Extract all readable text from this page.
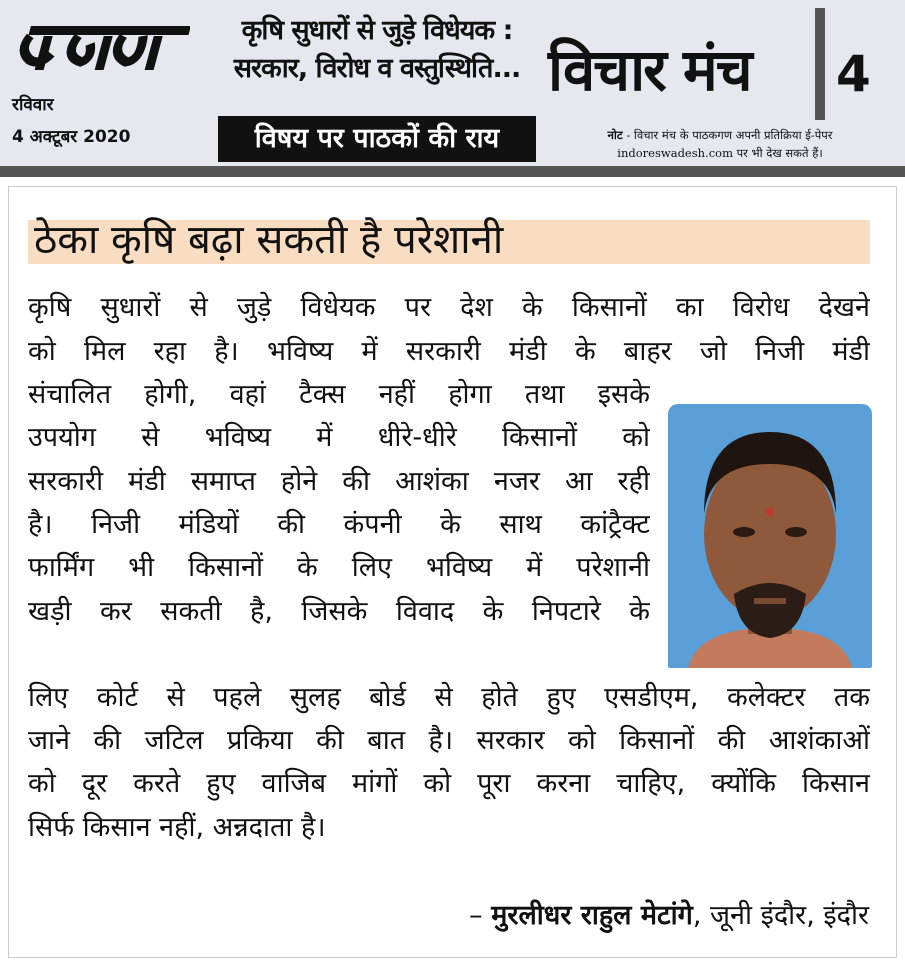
रविवार
4 अक्टूबर 2020
कृषि सुधारों से जुड़े विधेयक :
सरकार, विरोध व वस्तुस्थिति...
विषय पर पाठकों की राय
विचार मंच 4
नोट - विचार मंच के पाठकगण अपनी प्रतिक्रिया ई-पेपर
indoreswadesh.com पर भी देख सकते हैं।
ठेका कृषि बढ़ा सकती है परेशानी
कृषि सुधारों से जुड़े विधेयक पर देश के किसानों का विरोध देखने
को मिल रहा है। भविष्य में सरकारी मंडी के बाहर जो निजी मंडी
संचालित होगी, वहां टैक्स नहीं होगा तथा इसके
उपयोग से भविष्य में धीरे-धीरे किसानों को
सरकारी मंडी समाप्त होने की आशंका नजर आ रही
है। निजी मंडियों की कंपनी के साथ कांट्रैक्ट
फार्मिंग भी किसानों के लिए भविष्य में परेशानी
खड़ी कर सकती है, जिसके विवाद के निपटारे के
लिए कोर्ट से पहले सुलह बोर्ड से होते हुए एसडीएम, कलेक्टर तक
जाने की जटिल प्रकिया की बात है। सरकार को किसानों की आशंकाओं
को दूर करते हुए वाजिब मांगों को पूरा करना चाहिए, क्योंकि किसान
सिर्फ किसान नहीं, अन्नदाता है।
– मुरलीधर राहुल मेटांगे, जूनी इंदौर, इंदौर
